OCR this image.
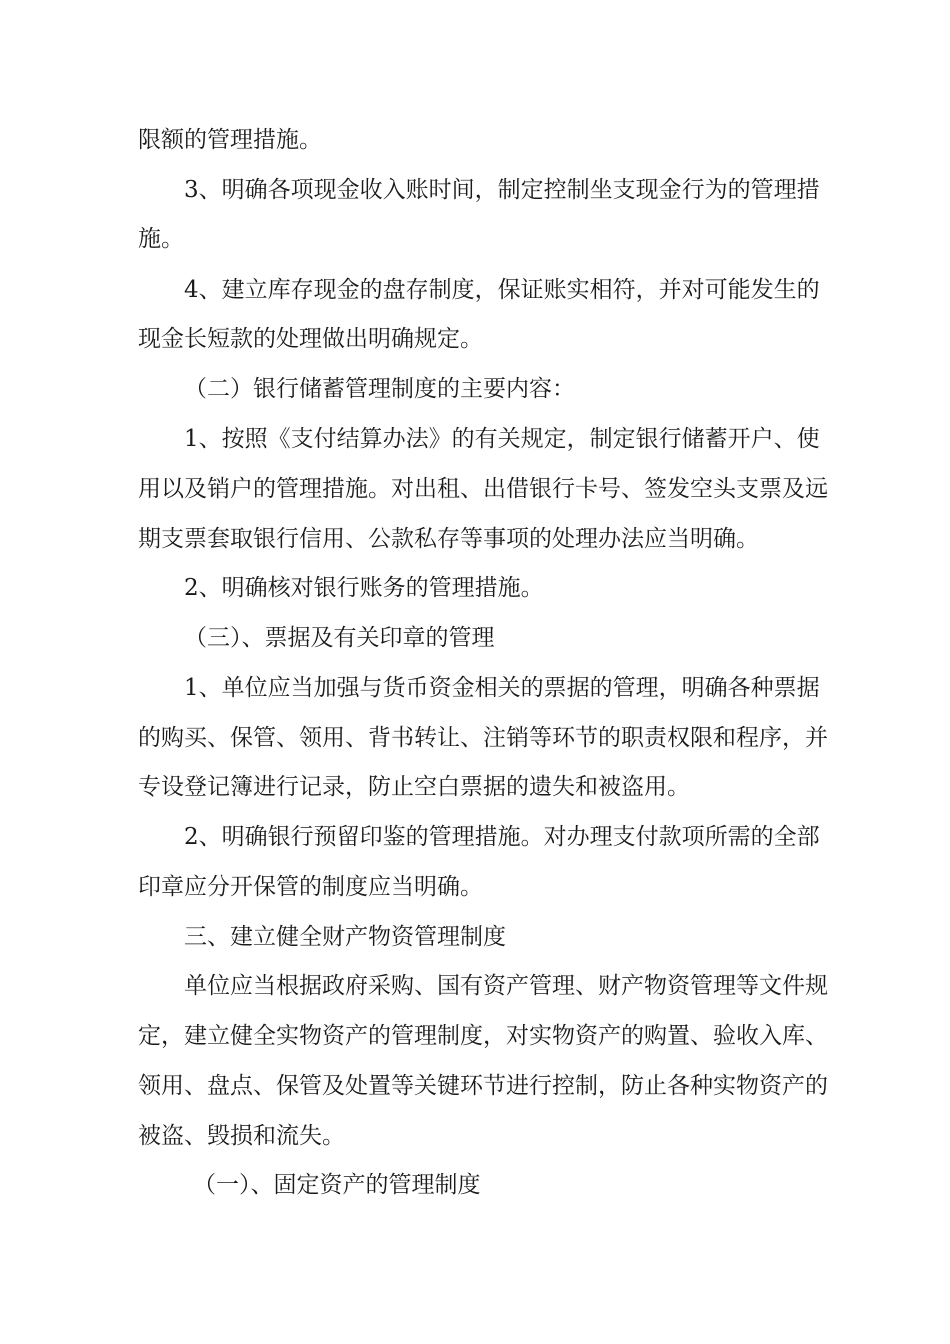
限额的管理措施。
3、明确各项现金收入账时间，制定控制坐支现金行为的管理措
施。
4、建立库存现金的盘存制度，保证账实相符，并对可能发生的
现金长短款的处理做出明确规定。
（二）银行储蓄管理制度的主要内容：
1、按照《支付结算办法》的有关规定，制定银行储蓄开户、使
用以及销户的管理措施。对出租、出借银行卡号、签发空头支票及远
期支票套取银行信用、公款私存等事项的处理办法应当明确。
2、明确核对银行账务的管理措施。
（三）、票据及有关印章的管理
1、单位应当加强与货币资金相关的票据的管理，明确各种票据
的购买、保管、领用、背书转让、注销等环节的职责权限和程序，并
专设登记簿进行记录，防止空白票据的遗失和被盗用。
2、明确银行预留印鉴的管理措施。对办理支付款项所需的全部
印章应分开保管的制度应当明确。
三、建立健全财产物资管理制度
单位应当根据政府采购、国有资产管理、财产物资管理等文件规
定，建立健全实物资产的管理制度，对实物资产的购置、验收入库、
领用、盘点、保管及处置等关键环节进行控制，防止各种实物资产的
被盗、毁损和流失。
（一）、固定资产的管理制度
